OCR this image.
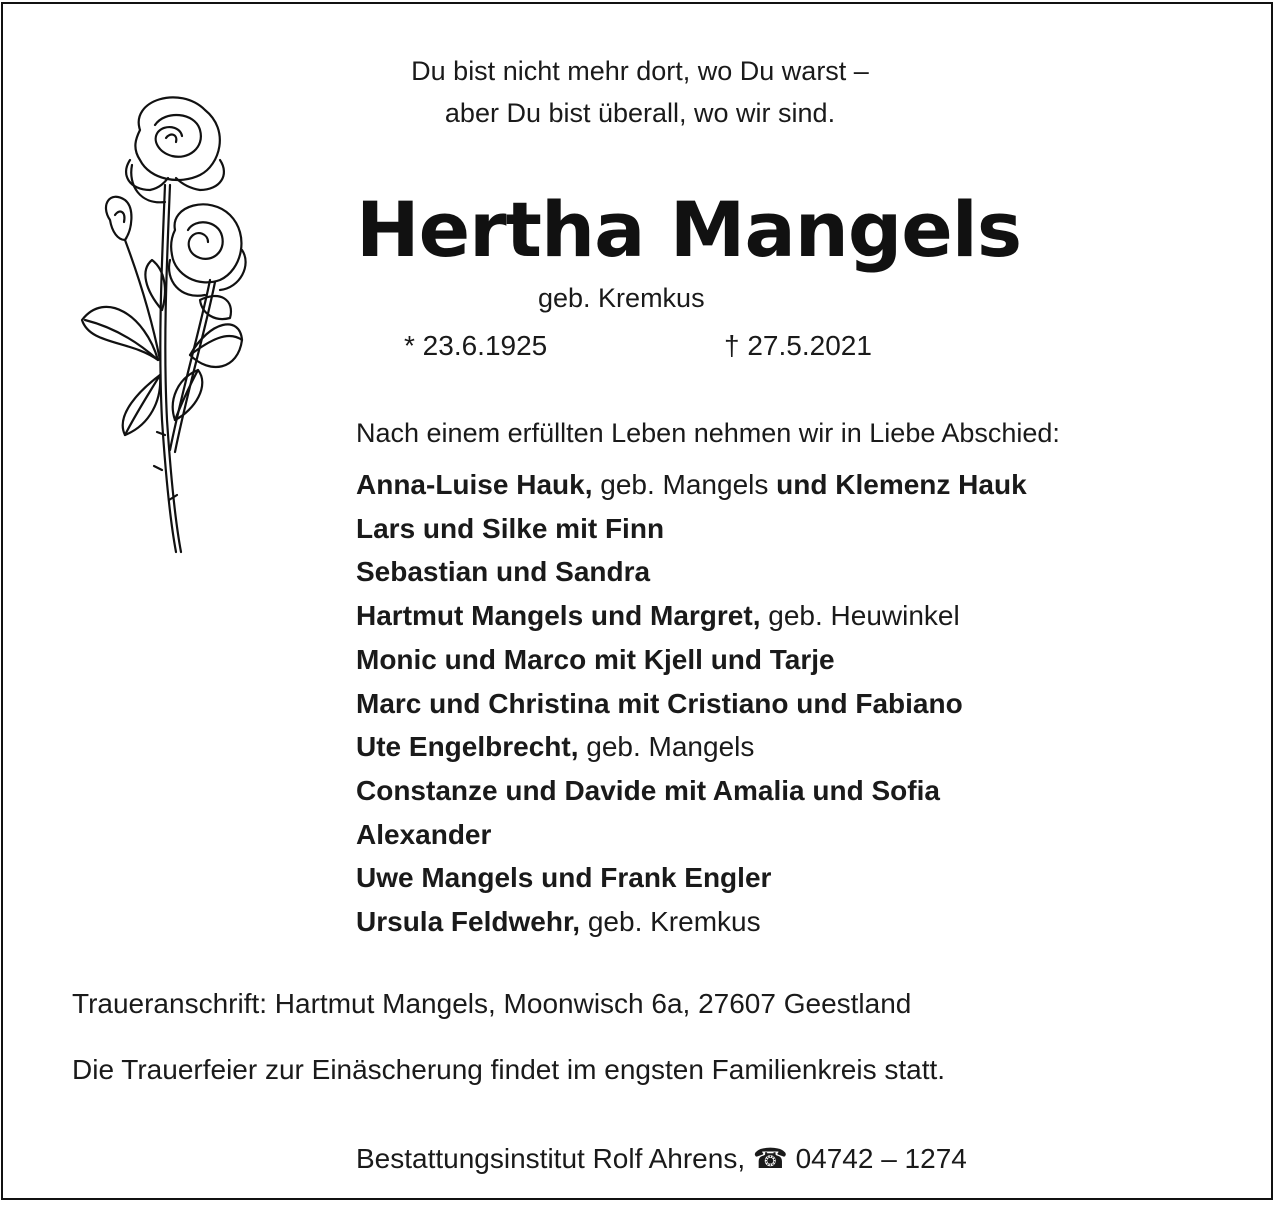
Du bist nicht mehr dort, wo Du warst –
aber Du bist überall, wo wir sind.
Hertha Mangels
geb. Kremkus
* 23.6.1925	† 27.5.2021
Nach einem erfüllten Leben nehmen wir in Liebe Abschied:
Anna-Luise Hauk, geb. Mangels und Klemenz Hauk
Lars und Silke mit Finn
Sebastian und Sandra
Hartmut Mangels und Margret, geb. Heuwinkel
Monic und Marco mit Kjell und Tarje
Marc und Christina mit Cristiano und Fabiano
Ute Engelbrecht, geb. Mangels
Constanze und Davide mit Amalia und Sofia
Alexander
Uwe Mangels und Frank Engler
Ursula Feldwehr, geb. Kremkus
Traueranschrift: Hartmut Mangels, Moonwisch 6a, 27607 Geestland
Die Trauerfeier zur Einäscherung findet im engsten Familienkreis statt.
Bestattungsinstitut Rolf Ahrens, ☎ 04742 – 1274
